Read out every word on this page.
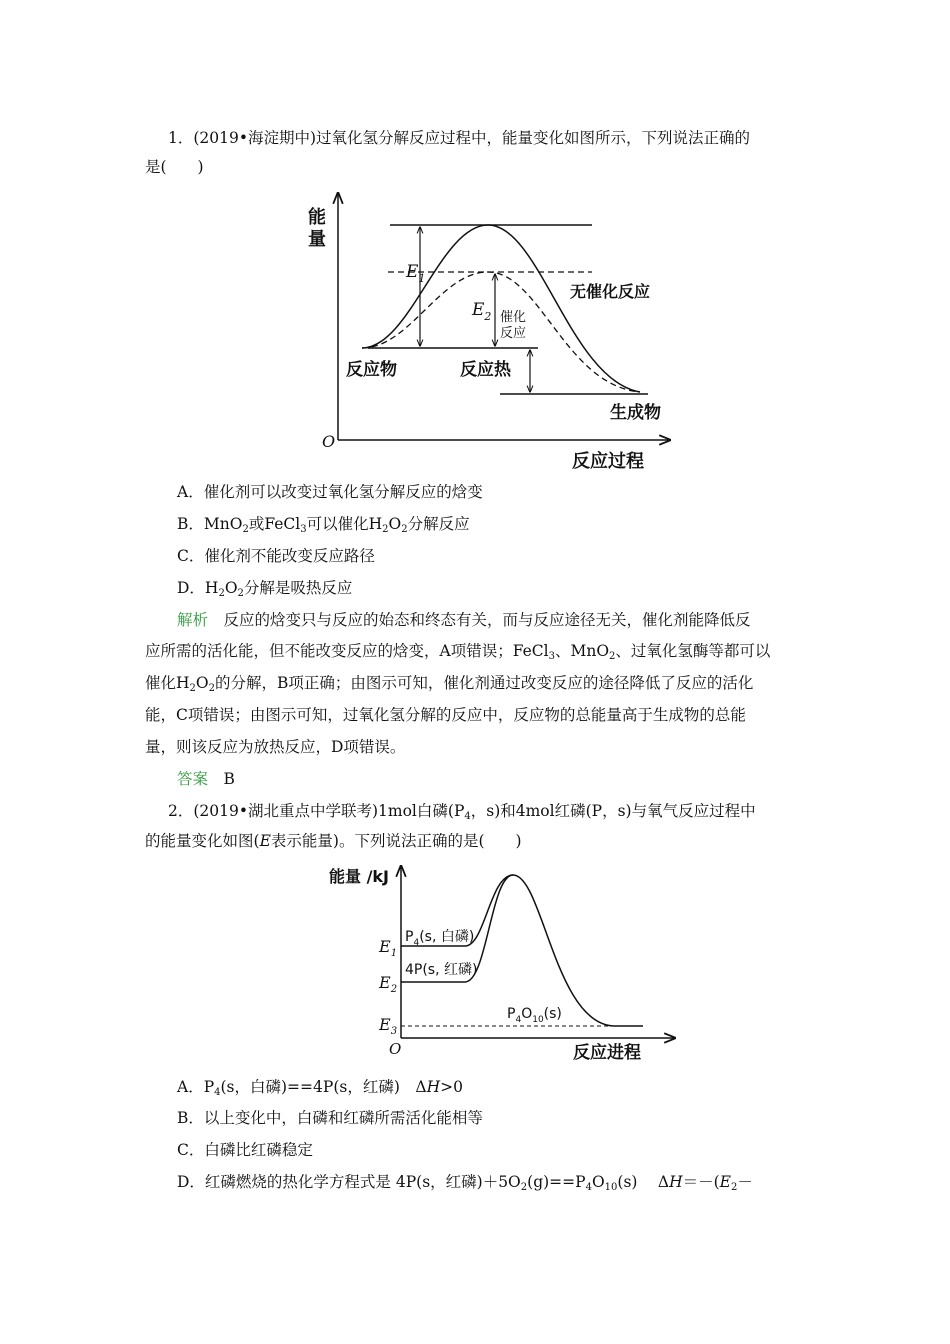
1．(2019•海淀期中)过氧化氢分解反应过程中，能量变化如图所示，下列说法正确的
是(　　)
能
量
$E_1$
$E_2$ 催化
反应
无催化反应
反应物	反应热
生成物
O
反应过程
A．催化剂可以改变过氧化氢分解反应的焓变
B．MnO$_2$或FeCl$_3$可以催化$H_2O_2$分解反应
C．催化剂不能改变反应路径
D．$H_2O_2$分解是吸热反应
解析　反应的焓变只与反应的始态和终态有关，而与反应途径无关，催化剂能降低反
应所需的活化能，但不能改变反应的焓变，A项错误；FeCl$_3$、MnO$_2$、过氧化氢酶等都可以
催化$H_2O_2$的分解，B项正确；由图示可知，催化剂通过改变反应的途径降低了反应的活化
能，C项错误；由图示可知，过氧化氢分解的反应中，反应物的总能量高于生成物的总能
量，则该反应为放热反应，D项错误。
答案　B
2．(2019•湖北重点中学联考)1mol白磷($P_4$，s)和4mol红磷(P，s)与氧气反应过程中
的能量变化如图(E表示能量)。下列说法正确的是(　　)
能量 /kJ
$P_4(s$, 白磷)
4P(s, 红磷)
$E_1$
$E_2$
$E_3$
$P_4O_{10}(s)$
O	反应进程
A．$P_4(s$，白磷)==4P(s，红磷)　ΔH>0
B．以上变化中，白磷和红磷所需活化能相等
C．白磷比红磷稳定
D．红磷燃烧的热化学方程式是 4P(s，红磷)$+5O_2(g)==P_4O_{10}(s)$　 $\Delta H=-(E_2-$
